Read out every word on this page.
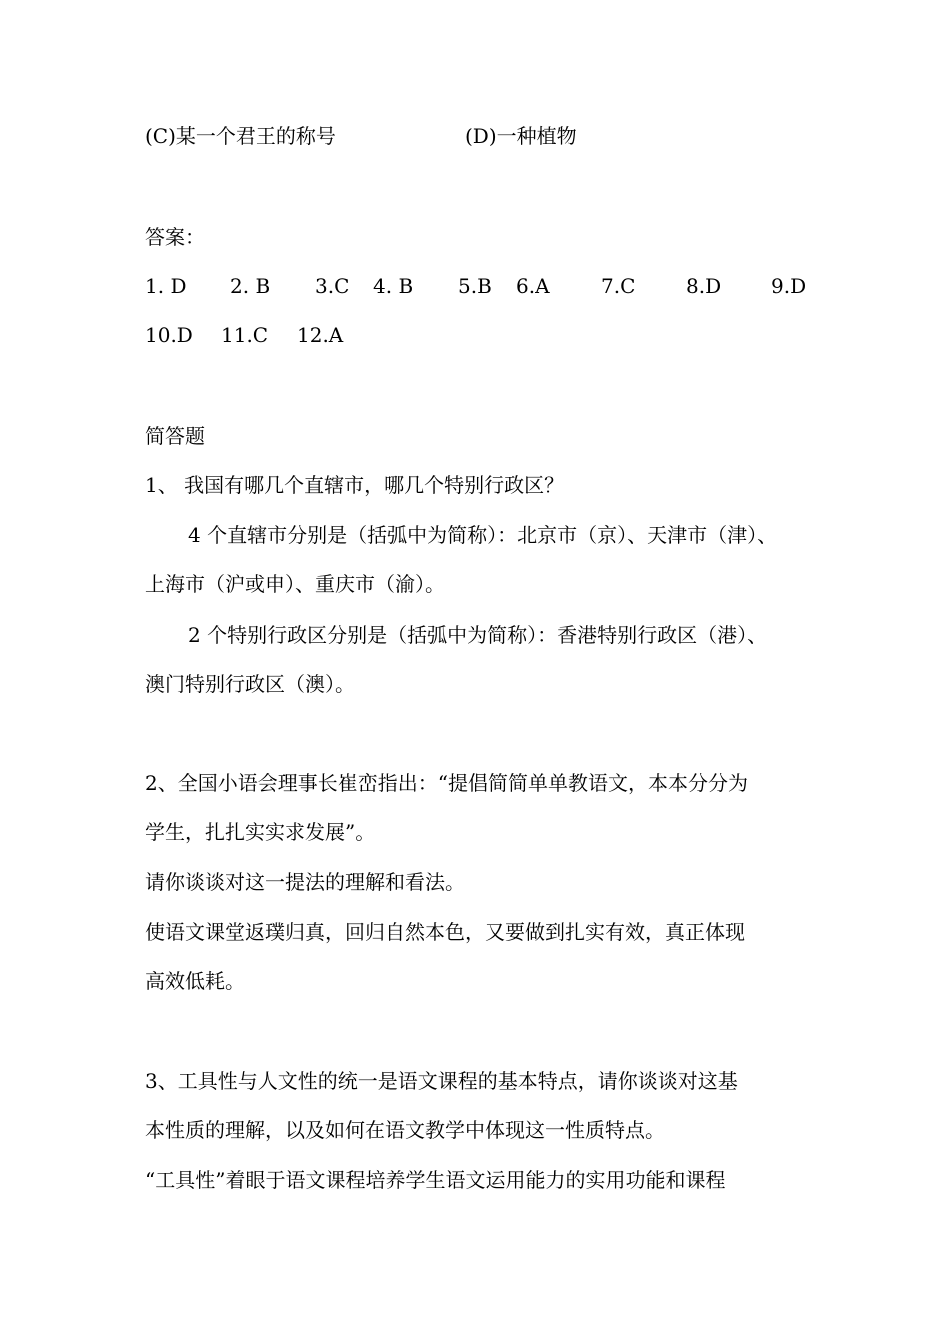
(C)某一个君王的称号	(D)一种植物
答案：
1. D 2. B 3.C 4. B 5.B 6.A	7.C	8.D 9.D
10.D 11.C 12.A
简答题
1、 我国有哪几个直辖市，哪几个特别行政区？
4 个直辖市分别是（括弧中为简称）：北京市（京）、天津市（津）、
上海市（沪或申）、重庆市（渝）。
2 个特别行政区分别是（括弧中为简称）：香港特别行政区（港）、
澳门特别行政区（澳）。
2、全国小语会理事长崔峦指出：“提倡简简单单教语文，本本分分为
学生，扎扎实实求发展”。
请你谈谈对这一提法的理解和看法。
使语文课堂返璞归真，回归自然本色，又要做到扎实有效，真正体现
高效低耗。
3、工具性与人文性的统一是语文课程的基本特点，请你谈谈对这基
本性质的理解，以及如何在语文教学中体现这一性质特点。
“工具性”着眼于语文课程培养学生语文运用能力的实用功能和课程
